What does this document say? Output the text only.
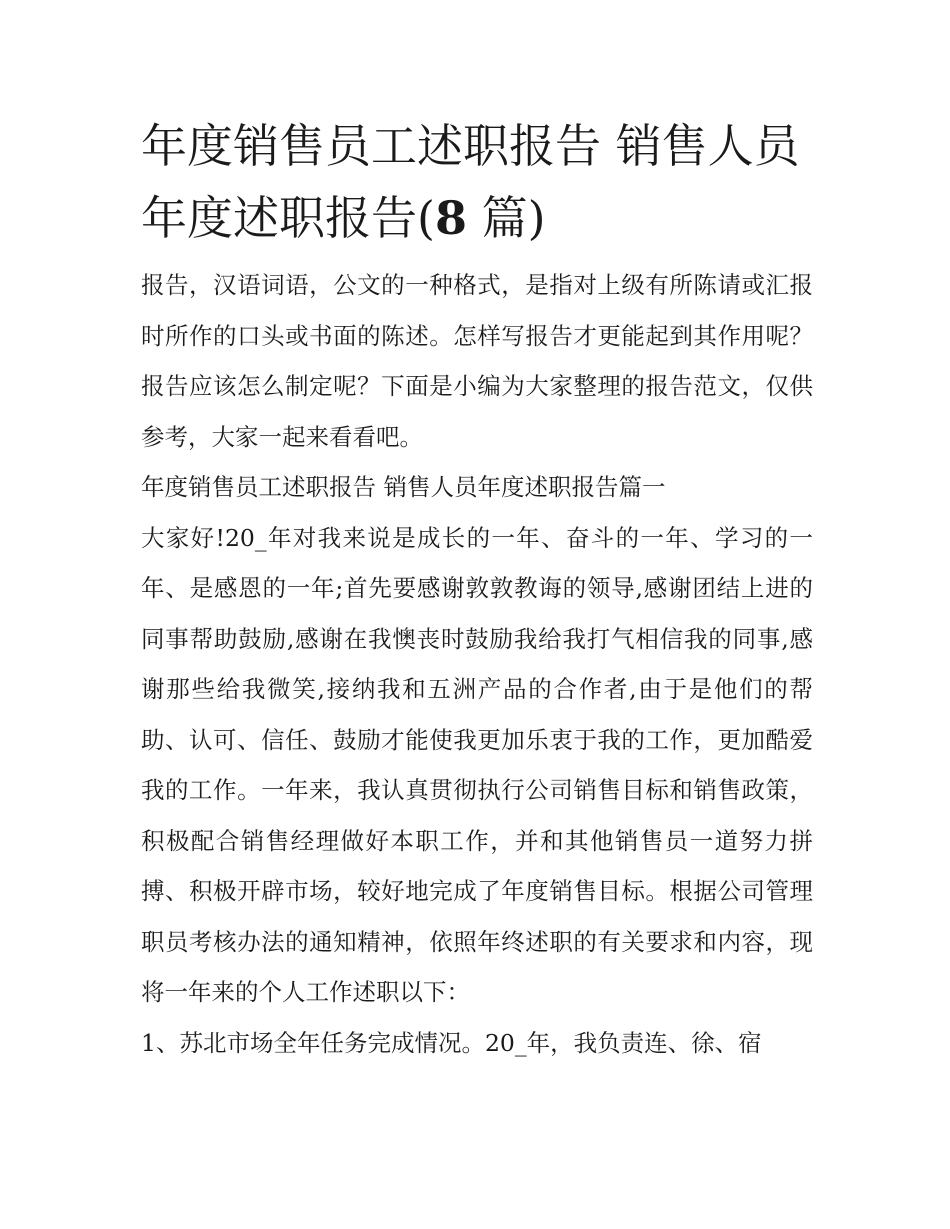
年度销售员工述职报告 销售人员年度述职报告(8 篇)

报告，汉语词语，公文的一种格式，是指对上级有所陈请或汇报时所作的口头或书面的陈述。怎样写报告才更能起到其作用呢？报告应该怎么制定呢？下面是小编为大家整理的报告范文，仅供参考，大家一起来看看吧。

年度销售员工述职报告 销售人员年度述职报告篇一

大家好!20_年对我来说是成长的一年、奋斗的一年、学习的一年、是感恩的一年;首先要感谢敦敦教诲的领导,感谢团结上进的同事帮助鼓励,感谢在我懊丧时鼓励我给我打气相信我的同事,感谢那些给我微笑,接纳我和五洲产品的合作者,由于是他们的帮助、认可、信任、鼓励才能使我更加乐衷于我的工作，更加酷爱我的工作。一年来，我认真贯彻执行公司销售目标和销售政策，积极配合销售经理做好本职工作，并和其他销售员一道努力拼搏、积极开辟市场，较好地完成了年度销售目标。根据公司管理职员考核办法的通知精神，依照年终述职的有关要求和内容，现将一年来的个人工作述职以下：

1、苏北市场全年任务完成情况。20_年，我负责连、徐、宿
